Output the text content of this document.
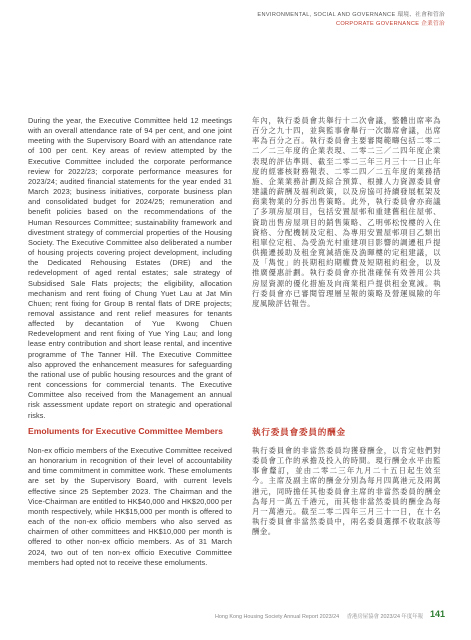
ENVIRONMENTAL, SOCIAL AND GOVERNANCE 環境、社會和管治
CORPORATE GOVERNANCE 企業管治

During the year, the Executive Committee held 12 meetings with an overall attendance rate of 94 per cent, and one joint meeting with the Supervisory Board with an attendance rate of 100 per cent. Key areas of review attempted by the Executive Committee included the corporate performance review for 2022/23; corporate performance measures for 2023/24; audited financial statements for the year ended 31 March 2023; business initiatives, corporate business plan and consolidated budget for 2024/25; remuneration and benefit policies based on the recommendations of the Human Resources Committee; sustainability framework and divestment strategy of commercial properties of the Housing Society. The Executive Committee also deliberated a number of housing projects covering project development, including the Dedicated Rehousing Estates (DRE) and the redevelopment of aged rental estates; sale strategy of Subsidised Sale Flats projects; the eligibility, allocation mechanism and rent fixing of Chung Yuet Lau at Jat Min Chuen; rent fixing for Group B rental flats of DRE projects; removal assistance and rent relief measures for tenants affected by decantation of Yue Kwong Chuen Redevelopment and rent fixing of Yue Ying Lau; and long lease entry contribution and short lease rental, and incentive programme of The Tanner Hill. The Executive Committee also approved the enhancement measures for safeguarding the rational use of public housing resources and the grant of rent concessions for commercial tenants. The Executive Committee also received from the Management an annual risk assessment update report on strategic and operational risks.

年內，執行委員會共舉行十二次會議，整體出席率為百分之九十四，並與監事會舉行一次聯席會議，出席率為百分之百。執行委員會主要審閱範疇包括二零二二／二三年度的企業表現、二零二三／二四年度企業表現的評估準則、截至二零二三年三月三十一日止年度的經審核財務報表、二零二四／二五年度的業務措施、企業業務計劃及綜合預算、根據人力資源委員會建議的薪酬及福利政策，以及房協可持續發展框架及商業物業的分拆出售策略。此外，執行委員會亦商議了多項房屋項目，包括安置屋邨和重建舊租住屋邨、資助出售房屋項目的銷售策略、乙明邨松悅樓的入住資格、分配機制及定租、為專用安置屋邨項目乙類出租單位定租、為受漁光村重建項目影響的調遷租戶提供搬遷援助及租金寬減措施及漁暉樓的定租建議，以及「雋悅」的長期租約期權費及短期租約租金，以及推廣優惠計劃。執行委員會亦批准確保有效善用公共房屋資源的優化措施及向商業租戶提供租金寬減。執行委員會亦已審閱管理層呈報的策略及營運風險的年度風險評估報告。

Emoluments for Executive Committee Members	執行委員會委員的酬金

Non-ex officio members of the Executive Committee received an honorarium in recognition of their level of accountability and time commitment in committee work. These emoluments are set by the Supervisory Board, with current levels effective since 25 September 2023. The Chairman and the Vice-Chairman are entitled to HK$40,000 and HK$20,000 per month respectively, while HK$15,000 per month is offered to each of the non-ex officio members who also served as chairmen of other committees and HK$10,000 per month is offered to other non-ex officio members. As of 31 March 2024, two out of ten non-ex officio Executive Committee members had opted not to receive these emoluments.

執行委員會的非當然委員均獲發酬金，以肯定他們對委員會工作的承擔及投入的時間。現行酬金水平由監事會釐訂，並由二零二三年九月二十五日起生效至今。主席及副主席的酬金分別為每月四萬港元及兩萬港元，同時擔任其他委員會主席的非當然委員的酬金為每月一萬五千港元，而其他非當然委員的酬金為每月一萬港元。截至二零二四年三月三十一日，在十名執行委員會非當然委員中，兩名委員選擇不收取該等酬金。

Hong Kong Housing Society Annual Report 2023/24 香港房屋協會 2023/24 年度年報 141
